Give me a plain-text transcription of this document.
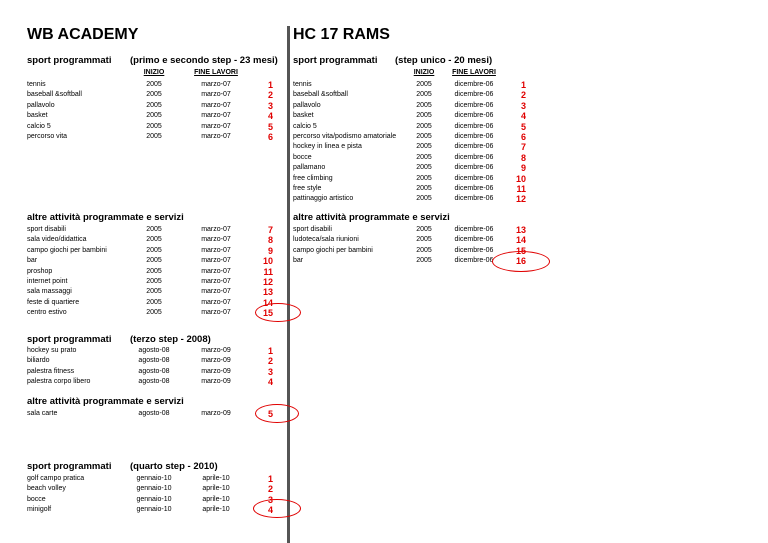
WB ACADEMY
sport programmati (primo e secondo step - 23 mesi)
INIZIO	FINE LAVORI
tennis	2005	marzo-07	1
baseball &softball	2005	marzo-07	2
pallavolo	2005	marzo-07	3
basket	2005	marzo-07	4
calcio 5	2005	marzo-07	5
percorso vita	2005	marzo-07	6
altre attività programmate e servizi
sport disabili	2005	marzo-07	7
sala video/didattica	2005	marzo-07	8
campo giochi per bambini	2005	marzo-07	9
bar	2005	marzo-07	10
proshop	2005	marzo-07	11
internet point	2005	marzo-07	12
sala massaggi	2005	marzo-07	13
feste di quartiere	2005	marzo-07	14
centro estivo	2005	marzo-07	15
sport programmati (terzo step - 2008)
hockey su prato	agosto-08	marzo-09	1
biliardo	agosto-08	marzo-09	2
palestra fitness	agosto-08	marzo-09	3
palestra corpo libero	agosto-08	marzo-09	4
altre attività programmate e servizi
sala carte	agosto-08	marzo-09	5
sport programmati (quarto step - 2010)
golf campo pratica	gennaio-10	aprile-10	1
beach volley	gennaio-10	aprile-10	2
bocce	gennaio-10	aprile-10	3
minigolf	gennaio-10	aprile-10	4
HC 17 RAMS
sport programmati (step unico - 20 mesi)
INIZIO	FINE LAVORI
tennis	2005	dicembre-06	1
baseball &softball	2005	dicembre-06	2
pallavolo	2005	dicembre-06	3
basket	2005	dicembre-06	4
calcio 5	2005	dicembre-06	5
percorso vita/podismo amatoriale	2005	dicembre-06	6
hockey in linea e pista	2005	dicembre-06	7
bocce	2005	dicembre-06	8
pallamano	2005	dicembre-06	9
free climbing	2005	dicembre-06	10
free style	2005	dicembre-06	11
pattinaggio artistico	2005	dicembre-06	12
altre attività programmate e servizi
sport disabili	2005	dicembre-06	13
ludoteca/sala riunioni	2005	dicembre-06	14
campo giochi per bambini	2005	dicembre-06	15
bar	2005	dicembre-06	16
